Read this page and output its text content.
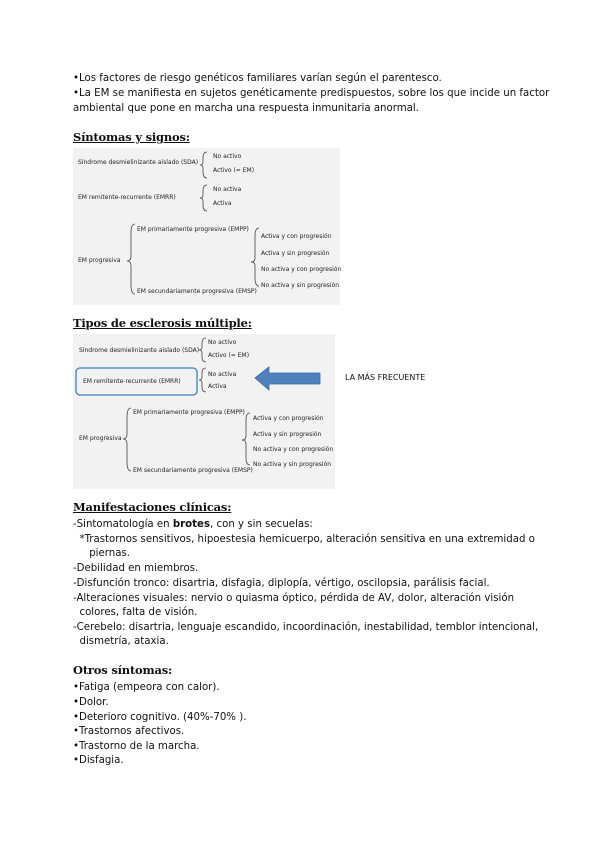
•Los factores de riesgo genéticos familiares varían según el parentesco.
•La EM se manifiesta en sujetos genéticamente predispuestos, sobre los que incide un factor
ambiental que pone en marcha una respuesta inmunitaria anormal.
Síntomas y signos:
Síndrome desmielinizante aislado (SDA)
No activo
Activo (= EM)
EM remitente-recurrente (EMRR)
No activa
Activa
EM progresiva
EM primariamente progresiva (EMPP)
EM secundariamente progresiva (EMSP)
Activa y con progresión
Activa y sin progresión
No activa y con progresión
No activa y sin progresión
Tipos de esclerosis múltiple:
Síndrome desmielinizante aislado (SDA)
No activo
Activo (= EM)
EM remitente-recurrente (EMRR)
No activa
Activa
EM progresiva
EM primariamente progresiva (EMPP)
EM secundariamente progresiva (EMSP)
Activa y con progresión
Activa y sin progresión
No activa y con progresión
No activa y sin progresión
LA MÁS FRECUENTE
Manifestaciones clínicas:
-Sintomatología en brotes, con y sin secuelas:
*Trastornos sensitivos, hipoestesia hemicuerpo, alteración sensitiva en una extremidad o
piernas.
-Debilidad en miembros.
-Disfunción tronco: disartria, disfagia, diplopía, vértigo, oscilopsia, parálisis facial.
-Alteraciones visuales: nervio o quiasma óptico, pérdida de AV, dolor, alteración visión
colores, falta de visión.
-Cerebelo: disartria, lenguaje escandido, incoordinación, inestabilidad, temblor intencional,
dismetría, ataxia.
Otros síntomas:
•Fatiga (empeora con calor).
•Dolor.
•Deterioro cognitivo. (40%-70% ).
•Trastornos afectivos.
•Trastorno de la marcha.
•Disfagia.
